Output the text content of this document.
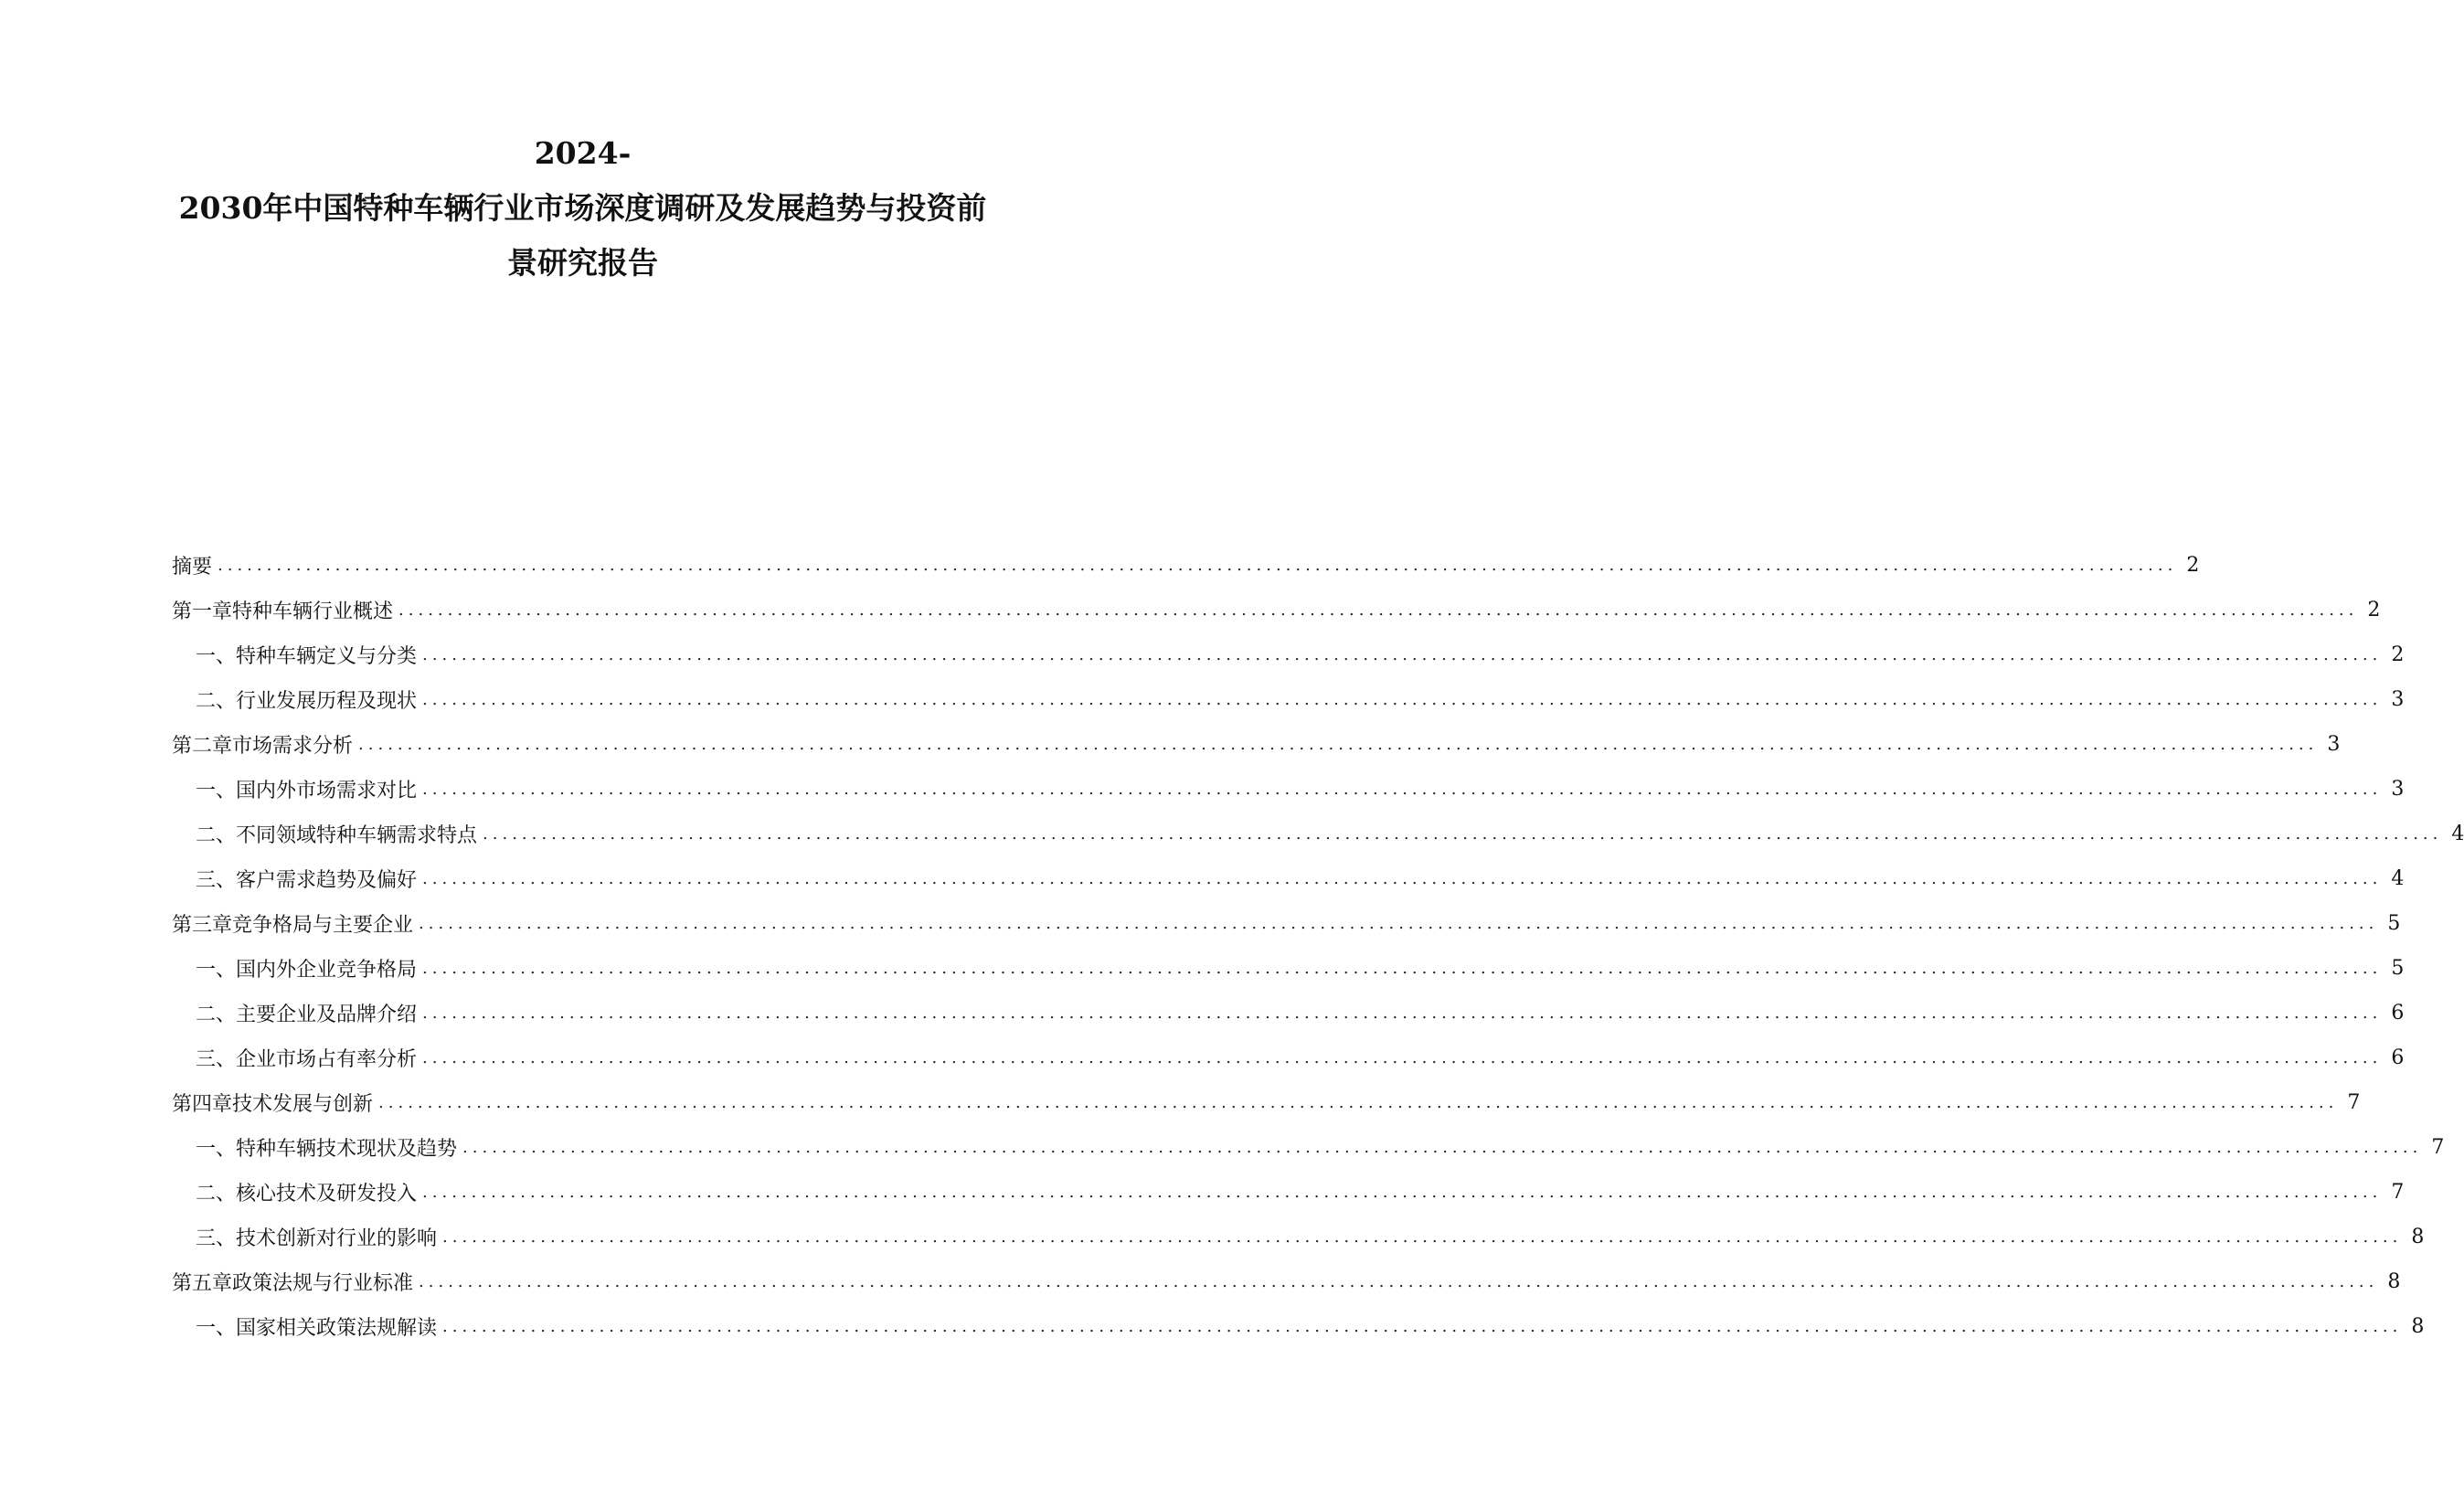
2024-
2030年中国特种车辆行业市场深度调研及发展趋势与投资前
景研究报告
摘要 ........................................................................................................................................................................................................ 2
第一章 特种车辆行业概述 ........................................................................................................................................................................................................ 2
一、 特种车辆定义与分类 ........................................................................................................................................................................................................ 2
二、 行业发展历程及现状 ........................................................................................................................................................................................................ 3
第二章 市场需求分析 ........................................................................................................................................................................................................ 3
一、 国内外市场需求对比 ........................................................................................................................................................................................................ 3
二、 不同领域特种车辆需求特点 ........................................................................................................................................................................................................ 4
三、 客户需求趋势及偏好 ........................................................................................................................................................................................................ 4
第三章 竞争格局与主要企业 ........................................................................................................................................................................................................ 5
一、 国内外企业竞争格局 ........................................................................................................................................................................................................ 5
二、 主要企业及品牌介绍 ........................................................................................................................................................................................................ 6
三、 企业市场占有率分析 ........................................................................................................................................................................................................ 6
第四章 技术发展与创新 ........................................................................................................................................................................................................ 7
一、 特种车辆技术现状及趋势 ........................................................................................................................................................................................................ 7
二、 核心技术及研发投入 ........................................................................................................................................................................................................ 7
三、 技术创新对行业的影响 ........................................................................................................................................................................................................ 8
第五章 政策法规与行业标准 ........................................................................................................................................................................................................ 8
一、 国家相关政策法规解读 ........................................................................................................................................................................................................ 8
